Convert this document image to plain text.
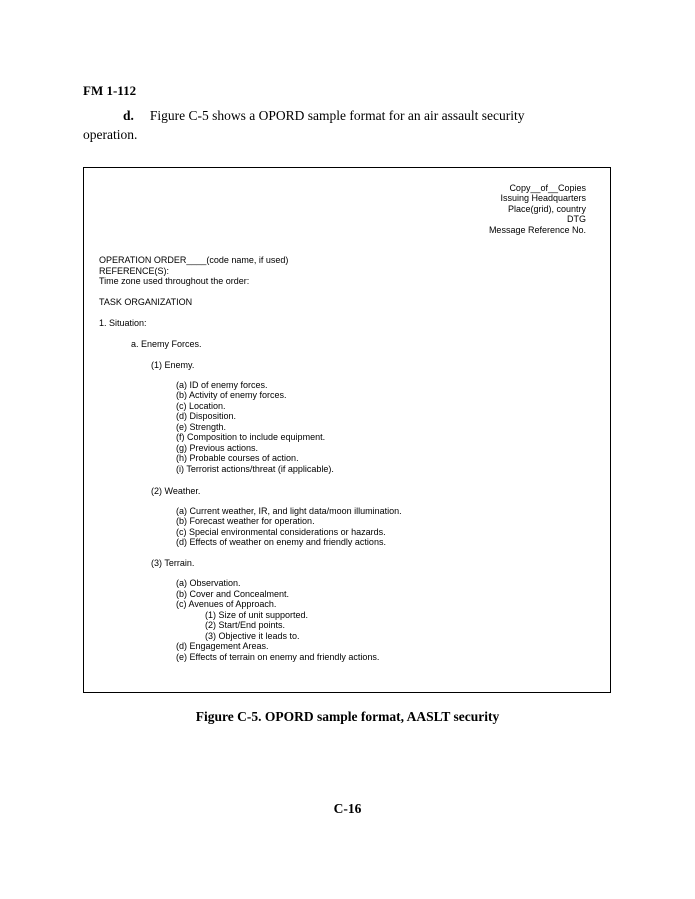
FM 1-112
d. Figure C-5 shows a OPORD sample format for an air assault security
operation.
Copy__of__Copies
Issuing Headquarters
Place(grid), country
DTG
Message Reference No.
OPERATION ORDER____(code name, if used)
REFERENCE(S):
Time zone used throughout the order:
TASK ORGANIZATION
1. Situation:
a. Enemy Forces.
(1) Enemy.
(a) ID of enemy forces.
(b) Activity of enemy forces.
(c) Location.
(d) Disposition.
(e) Strength.
(f) Composition to include equipment.
(g) Previous actions.
(h) Probable courses of action.
(i) Terrorist actions/threat (if applicable).
(2) Weather.
(a) Current weather, IR, and light data/moon illumination.
(b) Forecast weather for operation.
(c) Special environmental considerations or hazards.
(d) Effects of weather on enemy and friendly actions.
(3) Terrain.
(a) Observation.
(b) Cover and Concealment.
(c) Avenues of Approach.
(1) Size of unit supported.
(2) Start/End points.
(3) Objective it leads to.
(d) Engagement Areas.
(e) Effects of terrain on enemy and friendly actions.
Figure C-5. OPORD sample format, AASLT security
C-16
